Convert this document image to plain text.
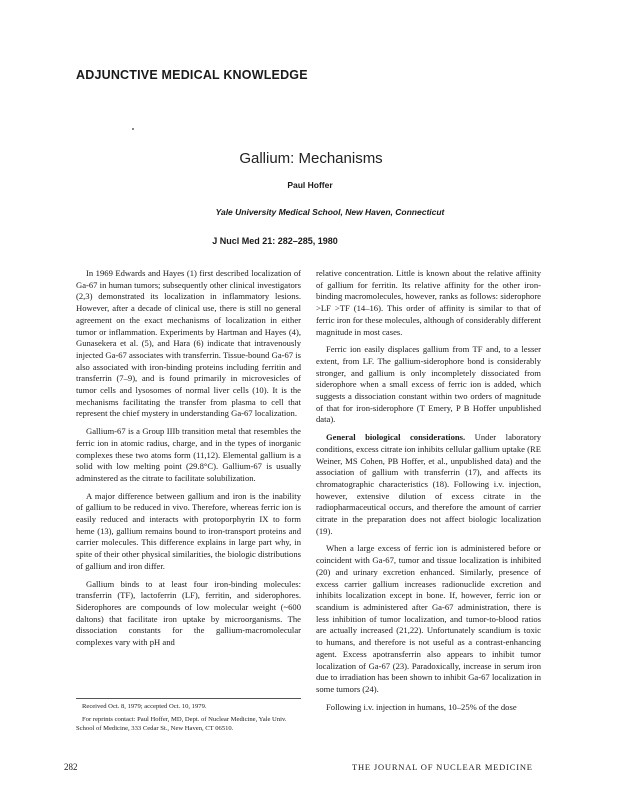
ADJUNCTIVE MEDICAL KNOWLEDGE
Gallium: Mechanisms
Paul Hoffer
Yale University Medical School, New Haven, Connecticut
J Nucl Med 21: 282–285, 1980

In 1969 Edwards and Hayes (1) first described localization of Ga-67 in human tumors; subsequently other clinical investigators (2,3) demonstrated its localization in inflammatory lesions. However, after a decade of clinical use, there is still no general agreement on the exact mechanisms of localization in either tumor or inflammation. Experiments by Hartman and Hayes (4), Gunasekera et al. (5), and Hara (6) indicate that intravenously injected Ga-67 associates with transferrin. Tissue-bound Ga-67 is also associated with iron-binding proteins including ferritin and transferrin (7–9), and is found primarily in microvesicles of tumor cells and lysosomes of normal liver cells (10). It is the mechanisms facilitating the transfer from plasma to cell that represent the chief mystery in understanding Ga-67 localization.

Gallium-67 is a Group IIIb transition metal that resembles the ferric ion in atomic radius, charge, and in the types of inorganic complexes these two atoms form (11,12). Elemental gallium is a solid with low melting point (29.8°C). Gallium-67 is usually adminstered as the citrate to facilitate solubilization.

A major difference between gallium and iron is the inability of gallium to be reduced in vivo. Therefore, whereas ferric ion is easily reduced and interacts with protoporphyrin IX to form heme (13), gallium remains bound to iron-transport proteins and carrier molecules. This difference explains in large part why, in spite of their other physical similarities, the biologic distributions of gallium and iron differ.

Gallium binds to at least four iron-binding molecules: transferrin (TF), lactoferrin (LF), ferritin, and siderophores. Siderophores are compounds of low molecular weight (~600 daltons) that facilitate iron uptake by microorganisms. The dissociation constants for the gallium-macromolecular complexes vary with pH and

relative concentration. Little is known about the relative affinity of gallium for ferritin. Its relative affinity for the other iron-binding macromolecules, however, ranks as follows: siderophore >LF >TF (14–16). This order of affinity is similar to that of ferric iron for these molecules, although of considerably different magnitude in most cases.

Ferric ion easily displaces gallium from TF and, to a lesser extent, from LF. The gallium-siderophore bond is considerably stronger, and gallium is only incompletely dissociated from siderophore when a small excess of ferric ion is added, which suggests a dissociation constant within two orders of magnitude of that for iron-siderophore (T Emery, P B Hoffer unpublished data).

General biological considerations. Under laboratory conditions, excess citrate ion inhibits cellular gallium uptake (RE Weiner, MS Cohen, PB Hoffer, et al., unpublished data) and the association of gallium with transferrin (17), and affects its chromatographic characteristics (18). Following i.v. injection, however, extensive dilution of excess citrate in the radiopharmaceutical occurs, and therefore the amount of carrier citrate in the preparation does not affect biologic localization (19).

When a large excess of ferric ion is administered before or coincident with Ga-67, tumor and tissue localization is inhibited (20) and urinary excretion enhanced. Similarly, presence of excess carrier gallium increases radionuclide excretion and inhibits localization except in bone. If, however, ferric ion or scandium is administered after Ga-67 administration, there is less inhibition of tumor localization, and tumor-to-blood ratios are actually increased (21,22). Unfortunately scandium is toxic to humans, and therefore is not useful as a contrast-enhancing agent. Excess apotransferrin also appears to inhibit tumor localization of Ga-67 (23). Paradoxically, increase in serum iron due to irradiation has been shown to inhibit Ga-67 localization in some tumors (24).

Following i.v. injection in humans, 10–25% of the dose

Received Oct. 8, 1979; accepted Oct. 10, 1979.

For reprints contact: Paul Hoffer, MD, Dept. of Nuclear Medicine, Yale Univ. School of Medicine, 333 Cedar St., New Haven, CT 06510.

282	THE JOURNAL OF NUCLEAR MEDICINE
